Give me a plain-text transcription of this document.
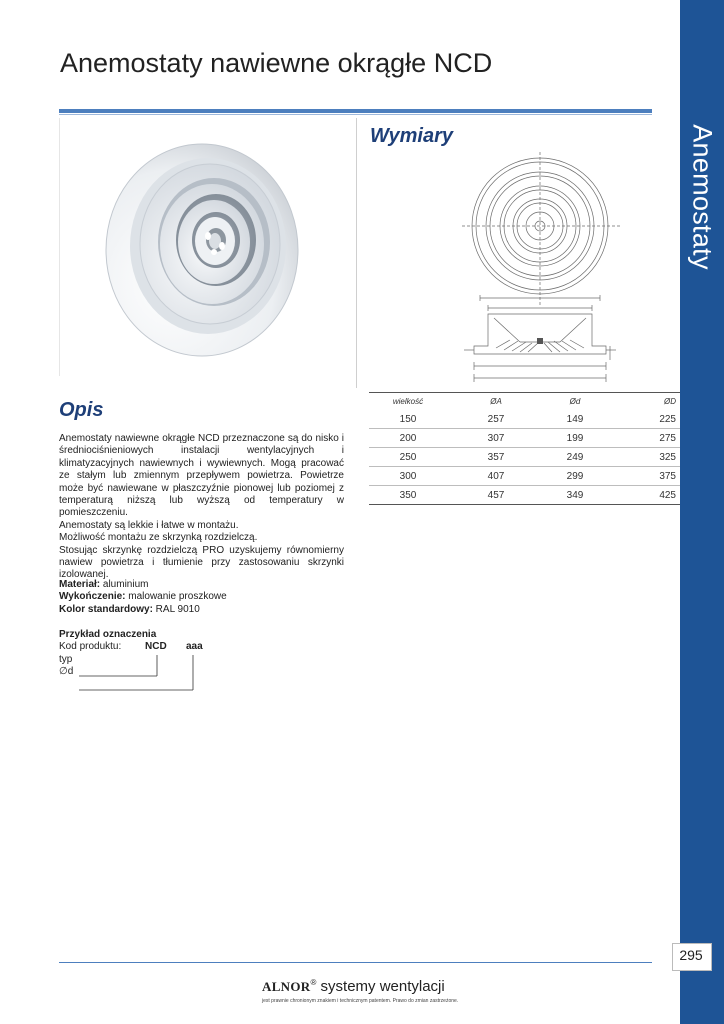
Anemostaty
Anemostaty nawiewne okrągłe NCD
Wymiary
wielkość	ØA	Ød	ØD
150	257	149	225
200	307	199	275
250	357	249	325
300	407	299	375
350	457	349	425
Opis

Anemostaty nawiewne okrągłe NCD przeznaczone są do nisko i średniociśnieniowych instalacji wentylacyjnych i klimatyzacyjnych nawiewnych i wywiewnych. Mogą pracować ze stałym lub zmiennym przepływem powietrza. Powietrze może być nawiewane w płaszczyźnie pionowej lub poziomej z temperaturą niższą lub wyższą od temperatury w pomieszczeniu.

Anemostaty są lekkie i łatwe w montażu.

Możliwość montażu ze skrzynką rozdzielczą.

Stosując skrzynkę rozdzielczą PRO uzyskujemy równomierny nawiew powietrza i tłumienie przy zastosowaniu skrzynki izolowanej.

Materiał: aluminium
Wykończenie: malowanie proszkowe
Kolor standardowy: RAL 9010
Przykład oznaczenia
Kod produktu: NCD aaa
typ
∅d
295
ALNOR® systemy wentylacji
jest prawnie chronionym znakiem i technicznym patentem. Prawo do zmian zastrzeżone.
